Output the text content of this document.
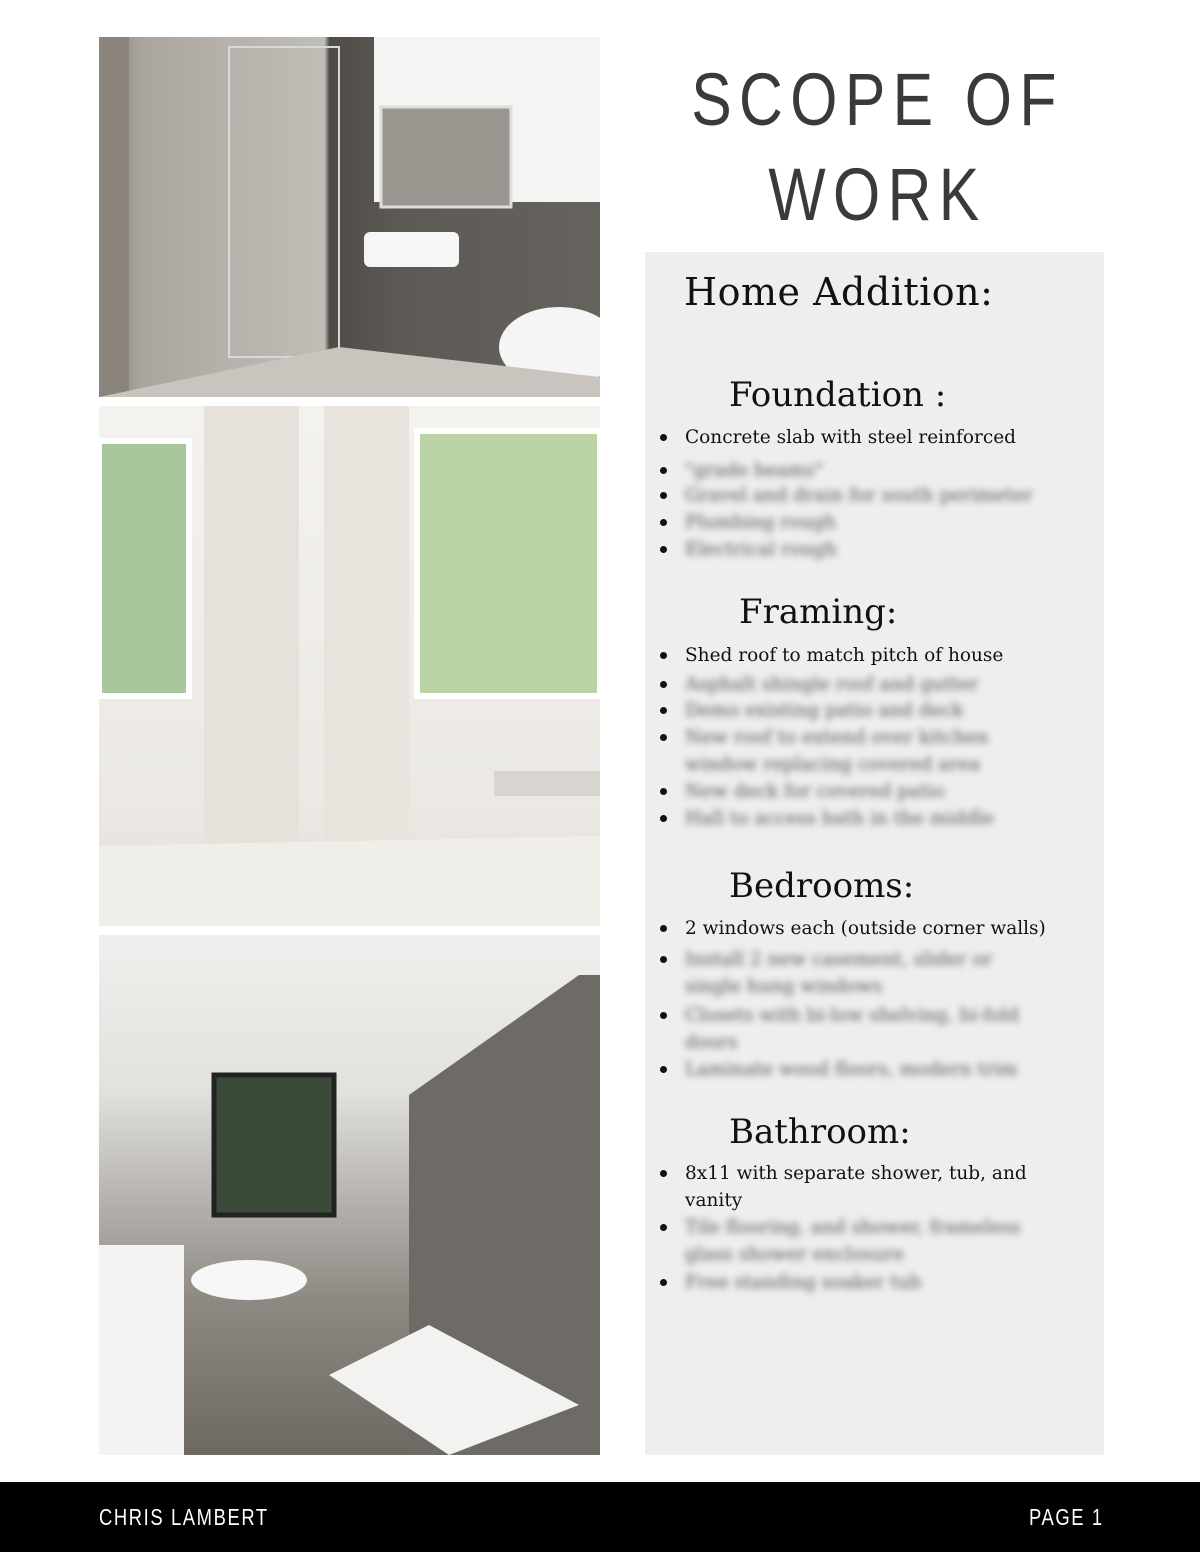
SCOPE OF
WORK
Home Addition:
Foundation :
Concrete slab with steel reinforced
"grade beams"
Gravel and drain for south perimeter
Plumbing rough
Electrical rough
Framing:
Shed roof to match pitch of house
Asphalt shingle roof and gutter
Demo existing patio and deck
New roof to extend over kitchen window replacing covered area
New deck for covered patio
Hall to access bath in the middle
Bedrooms:
2 windows each (outside corner walls)
Install 2 new casement, slider or single hung windows
Closets with bi-low shelving, bi-fold doors
Laminate wood floors, modern trim
Bathroom:
8x11 with separate shower, tub, and vanity
Tile flooring, and shower, frameless glass shower enclosure
Free standing soaker tub
CHRIS LAMBERT	PAGE 1
